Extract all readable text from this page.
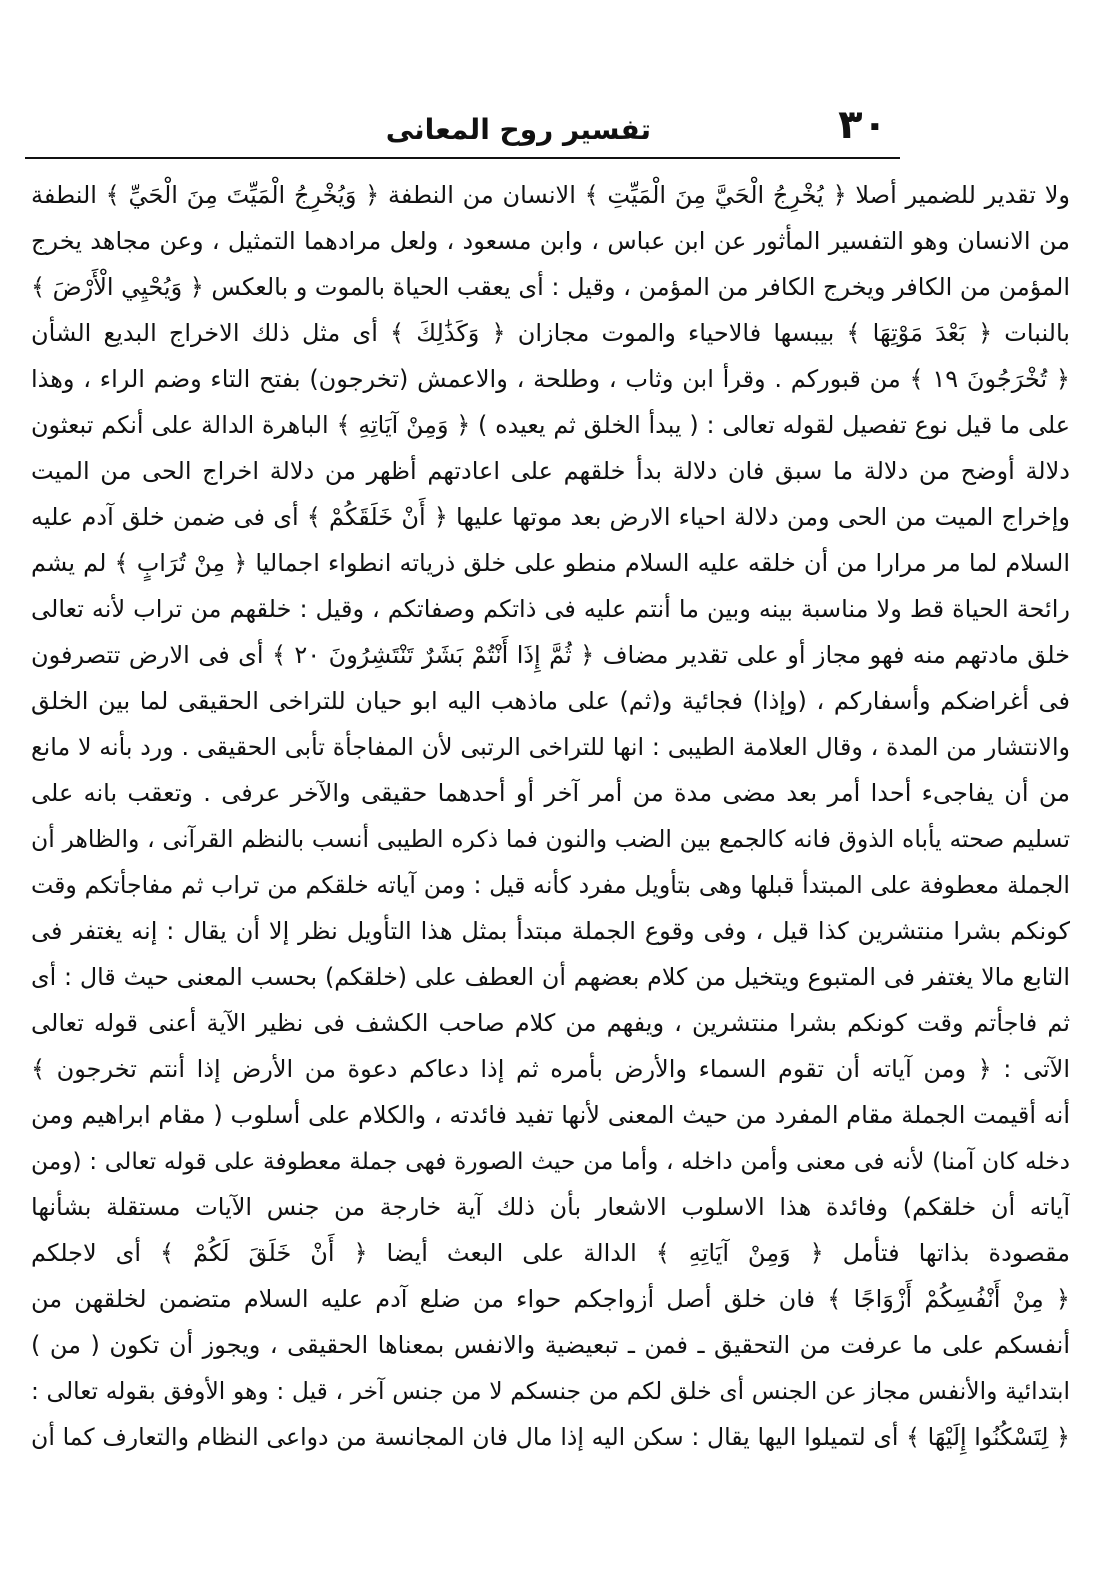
٣٠
تفسير روح المعانى
ولا تقدير للضمير أصلا ﴿ يُخْرِجُ الْحَيَّ مِنَ الْمَيِّتِ ﴾ الانسان من النطفة ﴿ وَيُخْرِجُ الْمَيِّتَ مِنَ الْحَيِّ ﴾ النطفة
من الانسان وهو التفسير المأثور عن ابن عباس ، وابن مسعود ، ولعل مرادهما التمثيل ، وعن مجاهد يخرج
المؤمن من الكافر ويخرج الكافر من المؤمن ، وقيل : أى يعقب الحياة بالموت و بالعكس ﴿ وَيُحْيِي الْأَرْضَ ﴾
بالنبات ﴿ بَعْدَ مَوْتِهَا ﴾ بيبسها فالاحياء والموت مجازان ﴿ وَكَذَٰلِكَ ﴾ أى مثل ذلك الاخراج البديع الشأن
﴿ تُخْرَجُونَ ١٩ ﴾ من قبوركم . وقرأ ابن وثاب ، وطلحة ، والاعمش (تخرجون) بفتح التاء وضم الراء ، وهذا
على ما قيل نوع تفصيل لقوله تعالى : ( يبدأ الخلق ثم يعيده ) ﴿ وَمِنْ آيَاتِهِ ﴾ الباهرة الدالة على أنكم تبعثون
دلالة أوضح من دلالة ما سبق فان دلالة بدأ خلقهم على اعادتهم أظهر من دلالة اخراج الحى من الميت
وإخراج الميت من الحى ومن دلالة احياء الارض بعد موتها عليها ﴿ أَنْ خَلَقَكُمْ ﴾ أى فى ضمن خلق آدم عليه
السلام لما مر مرارا من أن خلقه عليه السلام منطو على خلق ذرياته انطواء اجماليا ﴿ مِنْ تُرَابٍ ﴾ لم يشم
رائحة الحياة قط ولا مناسبة بينه وبين ما أنتم عليه فى ذاتكم وصفاتكم ، وقيل : خلقهم من تراب لأنه تعالى
خلق مادتهم منه فهو مجاز أو على تقدير مضاف ﴿ ثُمَّ إِذَا أَنْتُمْ بَشَرٌ تَنْتَشِرُونَ ٢٠ ﴾ أى فى الارض تتصرفون
فى أغراضكم وأسفاركم ، (وإذا) فجائية و(ثم) على ماذهب اليه ابو حيان للتراخى الحقيقى لما بين الخلق
والانتشار من المدة ، وقال العلامة الطيبى : انها للتراخى الرتبى لأن المفاجأة تأبى الحقيقى . ورد بأنه لا مانع
من أن يفاجىء أحدا أمر بعد مضى مدة من أمر آخر أو أحدهما حقيقى والآخر عرفى . وتعقب بانه على
تسليم صحته يأباه الذوق فانه كالجمع بين الضب والنون فما ذكره الطيبى أنسب بالنظم القرآنى ، والظاهر أن
الجملة معطوفة على المبتدأ قبلها وهى بتأويل مفرد كأنه قيل : ومن آياته خلقكم من تراب ثم مفاجأتكم وقت
كونكم بشرا منتشرين كذا قيل ، وفى وقوع الجملة مبتدأ بمثل هذا التأويل نظر إلا أن يقال : إنه يغتفر فى
التابع مالا يغتفر فى المتبوع ويتخيل من كلام بعضهم أن العطف على (خلقكم) بحسب المعنى حيث قال : أى
ثم فاجأتم وقت كونكم بشرا منتشرين ، ويفهم من كلام صاحب الكشف فى نظير الآية أعنى قوله تعالى
الآتى : ﴿ ومن آياته أن تقوم السماء والأرض بأمره ثم إذا دعاكم دعوة من الأرض إذا أنتم تخرجون ﴾
أنه أقيمت الجملة مقام المفرد من حيث المعنى لأنها تفيد فائدته ، والكلام على أسلوب ( مقام ابراهيم ومن
دخله كان آمنا) لأنه فى معنى وأمن داخله ، وأما من حيث الصورة فهى جملة معطوفة على قوله تعالى : (ومن
آياته أن خلقكم) وفائدة هذا الاسلوب الاشعار بأن ذلك آية خارجة من جنس الآيات مستقلة بشأنها
مقصودة بذاتها فتأمل ﴿ وَمِنْ آيَاتِهِ ﴾ الدالة على البعث أيضا ﴿ أَنْ خَلَقَ لَكُمْ ﴾ أى لاجلكم
﴿ مِنْ أَنْفُسِكُمْ أَزْوَاجًا ﴾ فان خلق أصل أزواجكم حواء من ضلع آدم عليه السلام متضمن لخلقهن من
أنفسكم على ما عرفت من التحقيق ـ فمن ـ تبعيضية والانفس بمعناها الحقيقى ، ويجوز أن تكون ( من )
ابتدائية والأنفس مجاز عن الجنس أى خلق لكم من جنسكم لا من جنس آخر ، قيل : وهو الأوفق بقوله تعالى :
﴿ لِتَسْكُنُوا إِلَيْهَا ﴾ أى لتميلوا اليها يقال : سكن اليه إذا مال فان المجانسة من دواعى النظام والتعارف كما أن
